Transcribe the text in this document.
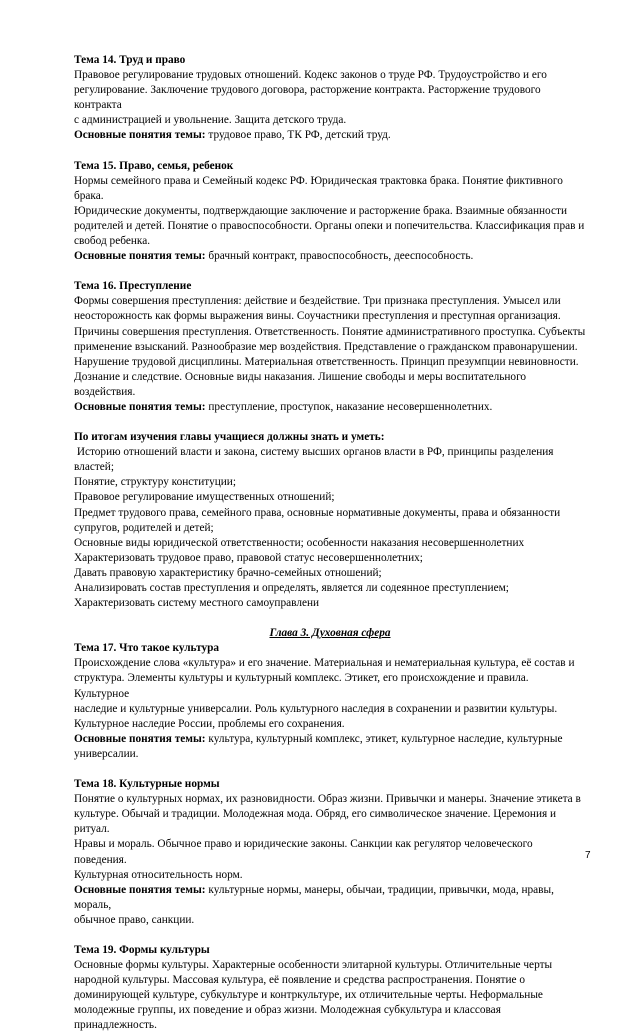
Тема 14. Труд и право

Правовое регулирование трудовых отношений. Кодекс законов о труде РФ. Трудоустройство и его

регулирование. Заключение трудового договора, расторжение контракта. Расторжение трудового контракта

с администрацией и увольнение. Защита детского труда.

Основные понятия темы: трудовое право, ТК РФ, детский труд.

Тема 15. Право, семья, ребенок

Нормы семейного права и Семейный кодекс РФ. Юридическая трактовка брака. Понятие фиктивного брака.

Юридические документы, подтверждающие заключение и расторжение брака. Взаимные обязанности

родителей и детей. Понятие о правоспособности. Органы опеки и попечительства. Классификация прав и

свобод ребенка.

Основные понятия темы: брачный контракт, правоспособность, дееспособность.

Тема 16. Преступление

Формы совершения преступления: действие и бездействие. Три признака преступления. Умысел или

неосторожность как формы выражения вины. Соучастники преступления и преступная организация.

Причины совершения преступления. Ответственность. Понятие административного проступка. Субъекты

применение взысканий. Разнообразие мер воздействия. Представление о гражданском правонарушении.

Нарушение трудовой дисциплины. Материальная ответственность. Принцип презумпции невиновности.

Дознание и следствие. Основные виды наказания. Лишение свободы и меры воспитательного воздействия.

Основные понятия темы: преступление, проступок, наказание несовершеннолетних.

По итогам изучения главы учащиеся должны знать и уметь:

Историю отношений власти и закона, систему высших органов власти в РФ, принципы разделения

властей;

Понятие, структуру конституции;

Правовое регулирование имущественных отношений;

Предмет трудового права, семейного права, основные нормативные документы, права и обязанности

супругов, родителей и детей;

Основные виды юридической ответственности; особенности наказания несовершеннолетних

Характеризовать трудовое право, правовой статус несовершеннолетних;

Давать правовую характеристику брачно-семейных отношений;

Анализировать состав преступления и определять, является ли содеянное преступлением;

Характеризовать систему местного самоуправлени

Глава 3. Духовная сфера

Тема 17. Что такое культура

Происхождение слова «культура» и его значение. Материальная и нематериальная культура, её состав и

структура. Элементы культуры и культурный комплекс. Этикет, его происхождение и правила. Культурное

наследие и культурные универсалии. Роль культурного наследия в сохранении и развитии культуры.

Культурное наследие России, проблемы его сохранения.

Основные понятия темы: культура, культурный комплекс, этикет, культурное наследие, культурные

универсалии.

Тема 18. Культурные нормы

Понятие о культурных нормах, их разновидности. Образ жизни. Привычки и манеры. Значение этикета в

культуре. Обычай и традиции. Молодежная мода. Обряд, его символическое значение. Церемония и ритуал.

Нравы и мораль. Обычное право и юридические законы. Санкции как регулятор человеческого поведения.

Культурная относительность норм.

Основные понятия темы: культурные нормы, манеры, обычаи, традиции, привычки, мода, нравы, мораль,

обычное право, санкции.

Тема 19. Формы культуры

Основные формы культуры. Характерные особенности элитарной культуры. Отличительные черты

народной культуры. Массовая культура, её появление и средства распространения. Понятие о

доминирующей культуре, субкультуре и контркультуре, их отличительные черты. Неформальные

молодежные группы, их поведение и образ жизни. Молодежная субкультура и классовая принадлежность.

7
